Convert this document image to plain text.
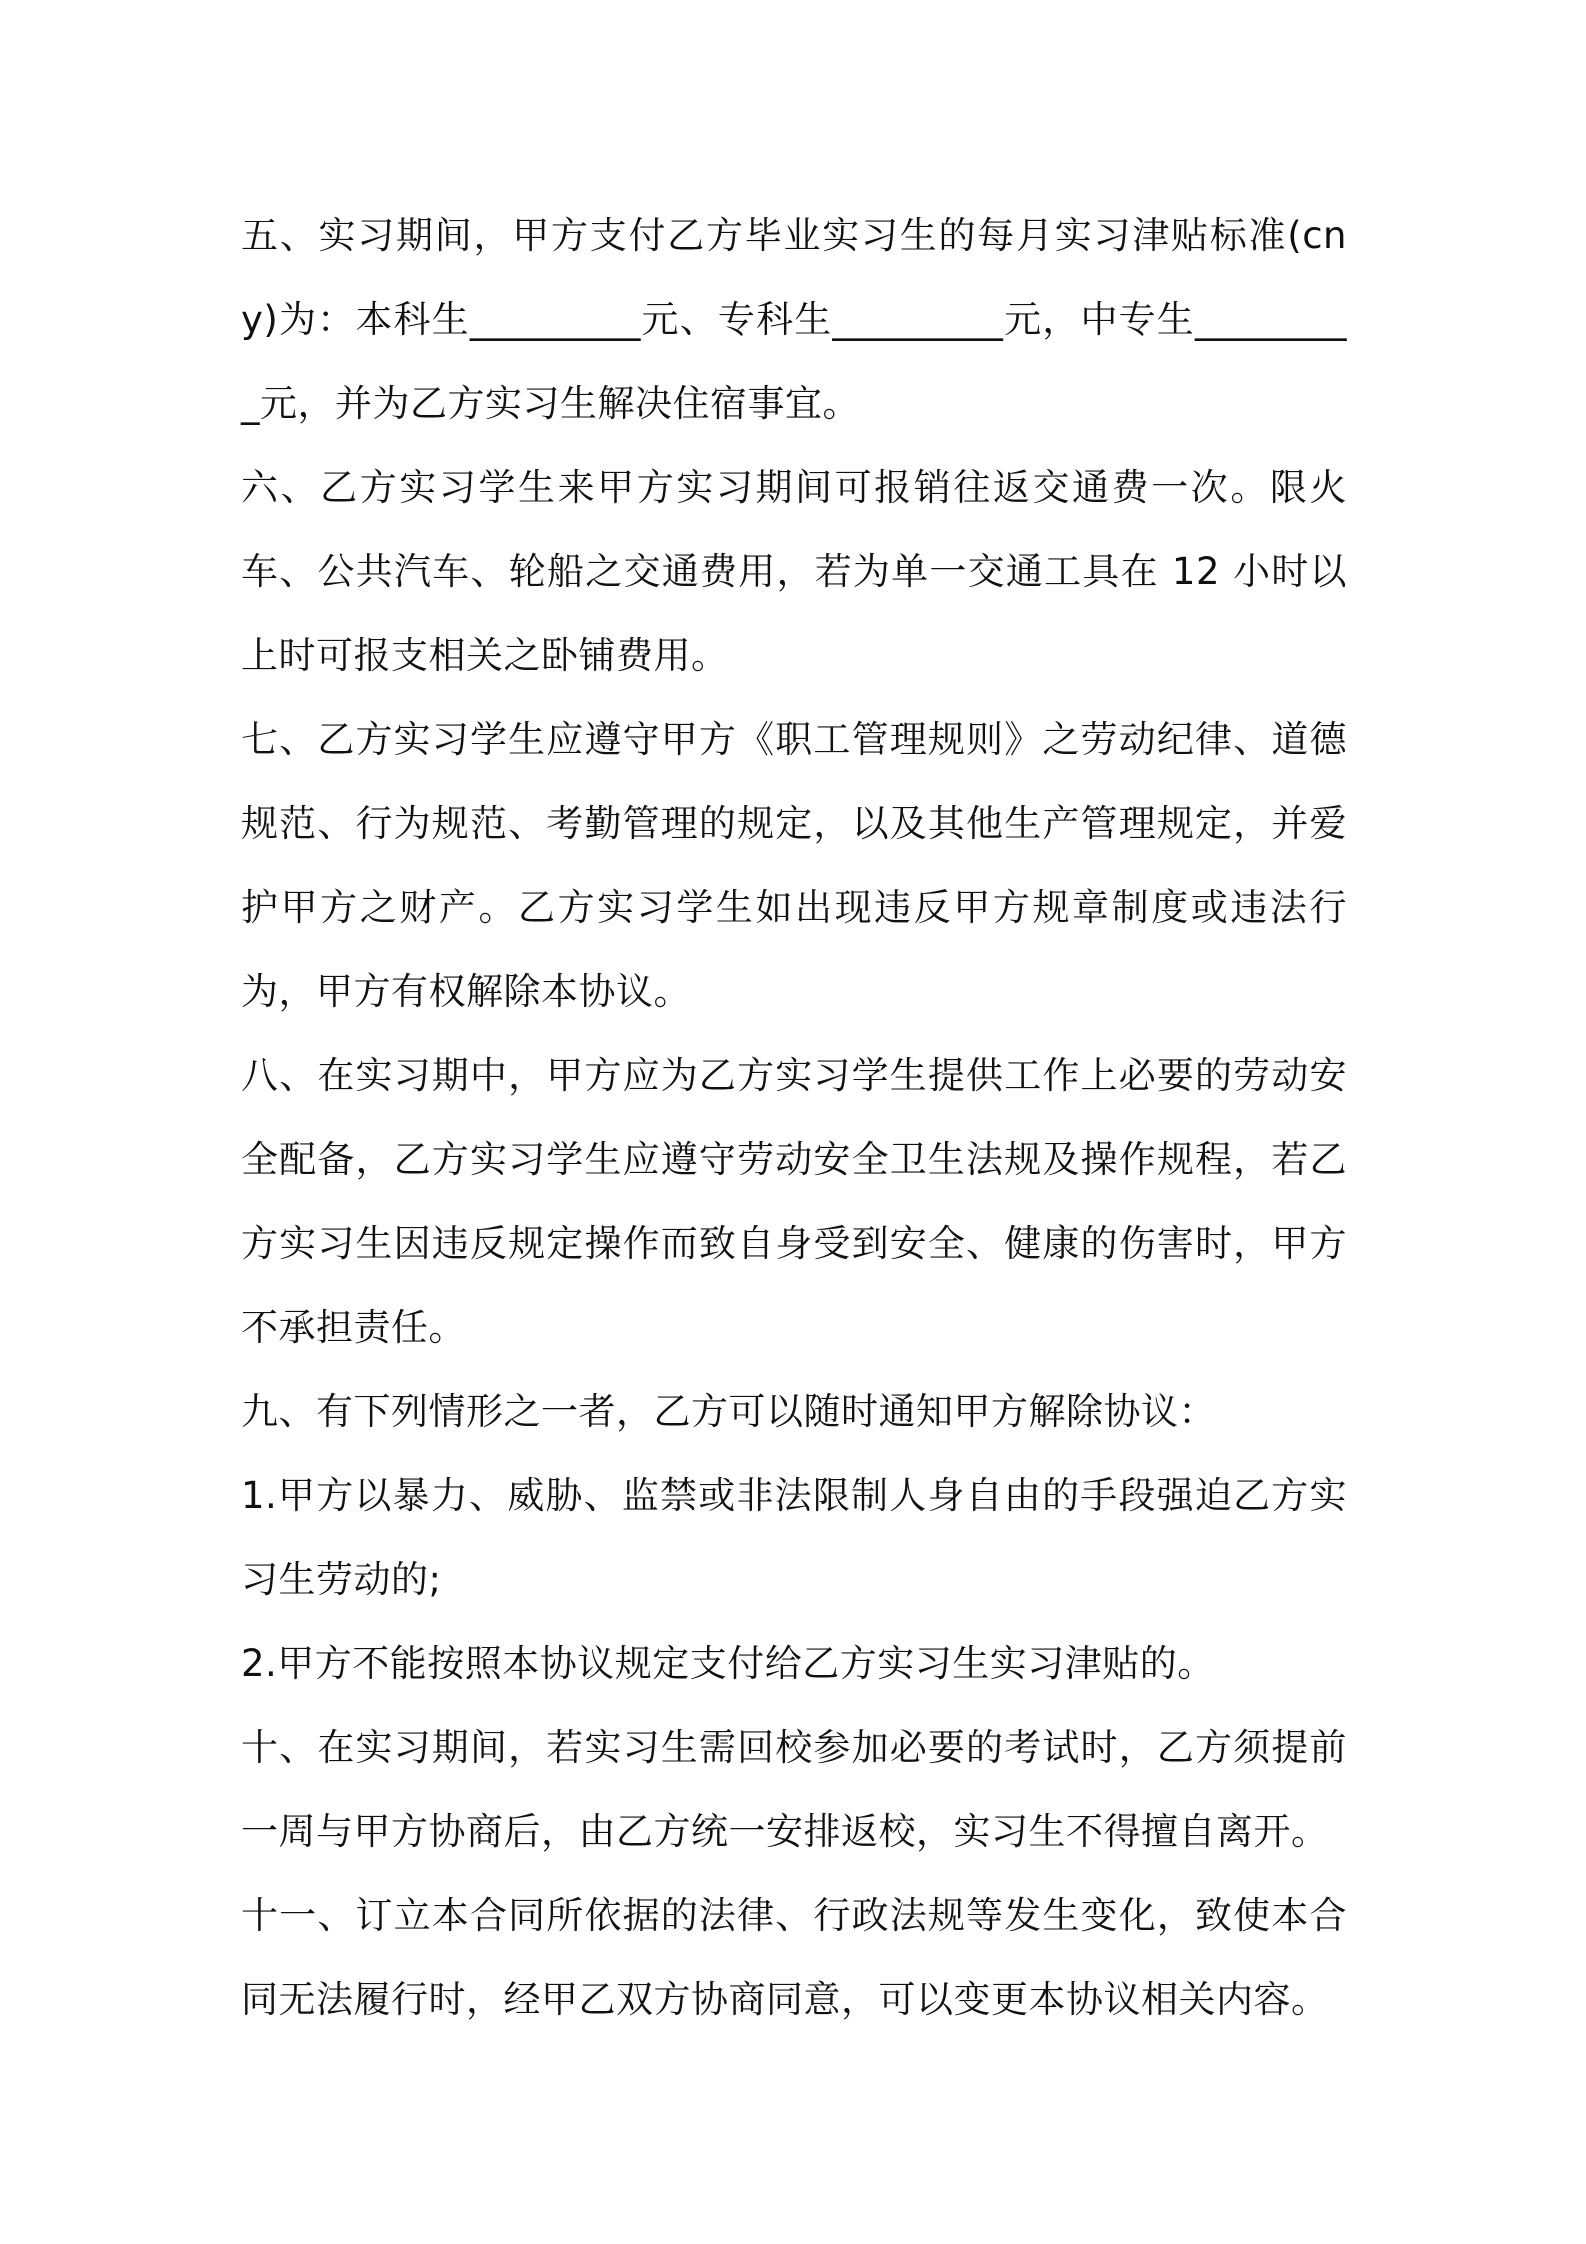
五、实习期间，甲方支付乙方毕业实习生的每月实习津贴标准(cny)为：本科生_________元、专科生_________元，中专生_________元，并为乙方实习生解决住宿事宜。

六、乙方实习学生来甲方实习期间可报销往返交通费一次。限火车、公共汽车、轮船之交通费用，若为单一交通工具在 12 小时以上时可报支相关之卧铺费用。

七、乙方实习学生应遵守甲方《职工管理规则》之劳动纪律、道德规范、行为规范、考勤管理的规定，以及其他生产管理规定，并爱护甲方之财产。乙方实习学生如出现违反甲方规章制度或违法行为，甲方有权解除本协议。

八、在实习期中，甲方应为乙方实习学生提供工作上必要的劳动安全配备，乙方实习学生应遵守劳动安全卫生法规及操作规程，若乙方实习生因违反规定操作而致自身受到安全、健康的伤害时，甲方不承担责任。

九、有下列情形之一者，乙方可以随时通知甲方解除协议：

1.甲方以暴力、威胁、监禁或非法限制人身自由的手段强迫乙方实习生劳动的;

2.甲方不能按照本协议规定支付给乙方实习生实习津贴的。

十、在实习期间，若实习生需回校参加必要的考试时，乙方须提前一周与甲方协商后，由乙方统一安排返校，实习生不得擅自离开。

十一、订立本合同所依据的法律、行政法规等发生变化，致使本合同无法履行时，经甲乙双方协商同意，可以变更本协议相关内容。
